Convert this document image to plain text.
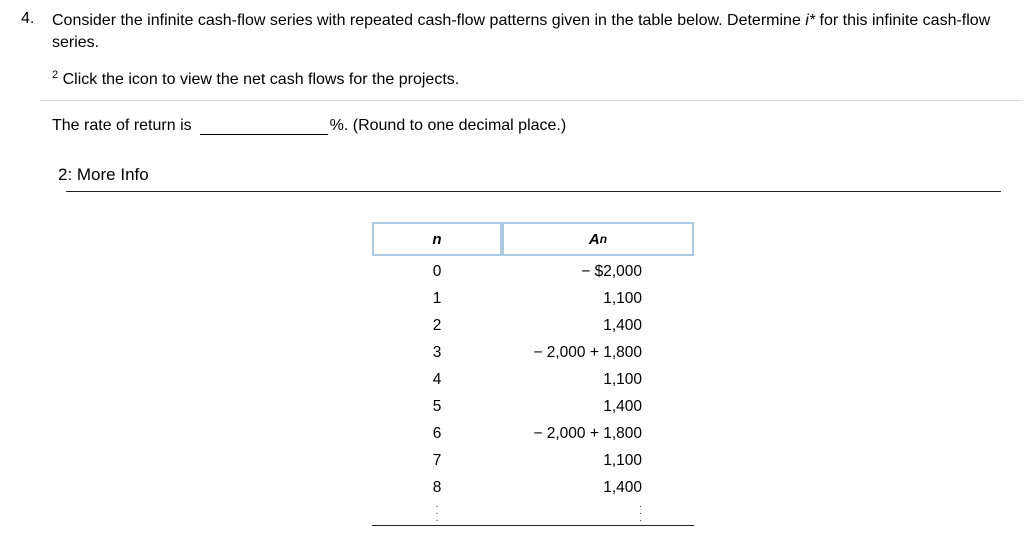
4. Consider the infinite cash-flow series with repeated cash-flow patterns given in the table below. Determine i* for this infinite cash-flow series.
$^2$ Click the icon to view the net cash flows for the projects.
The rate of return is	%. (Round to one decimal place.)
2: More Info
n	A n
0	− $2,000
1	1,100
2	1,400
3	− 2,000 + 1,800
4	1,100
5	1,400
6	− 2,000 + 1,800
7	1,100
8	1,400
.
.
.
.
.
.
